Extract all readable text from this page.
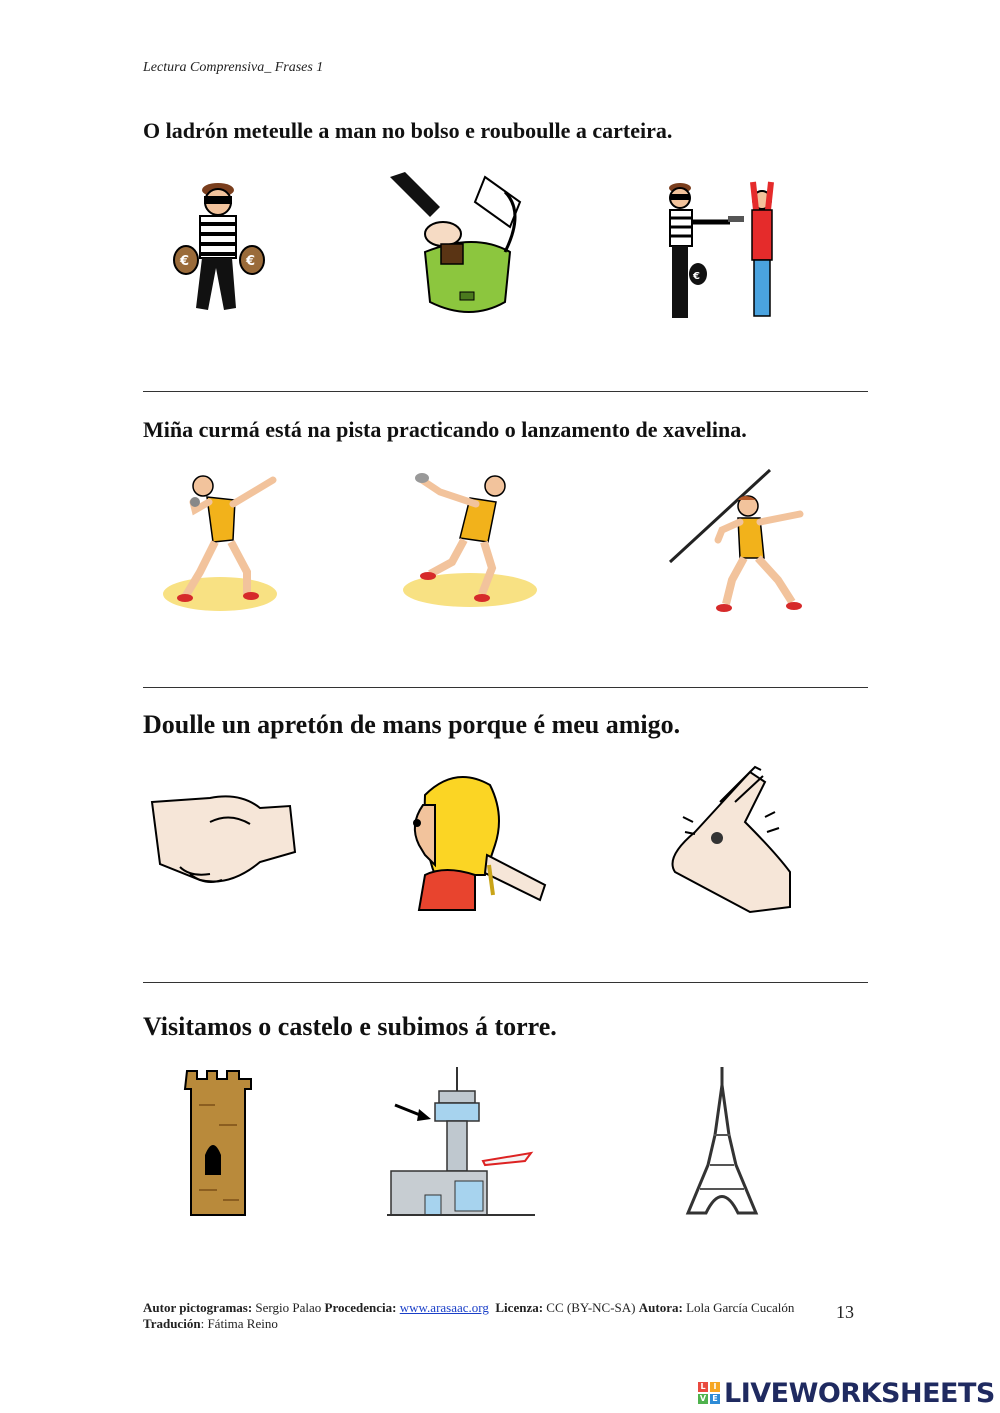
Lectura Comprensiva_ Frases 1
O ladrón meteulle a man no bolso e rouboulle a carteira.
€	€
€
Miña curmá está na pista practicando o lanzamento de xavelina.
Doulle un apretón de mans porque é meu amigo.
Visitamos o castelo e subimos á torre.
Autor pictogramas: Sergio Palao Procedencia: www.arasaac.org Licenza: CC (BY-NC-SA) Autora: Lola García Cucalón
Tradución: Fátima Reino
13
L I
V E LIVEWORKSHEETS
